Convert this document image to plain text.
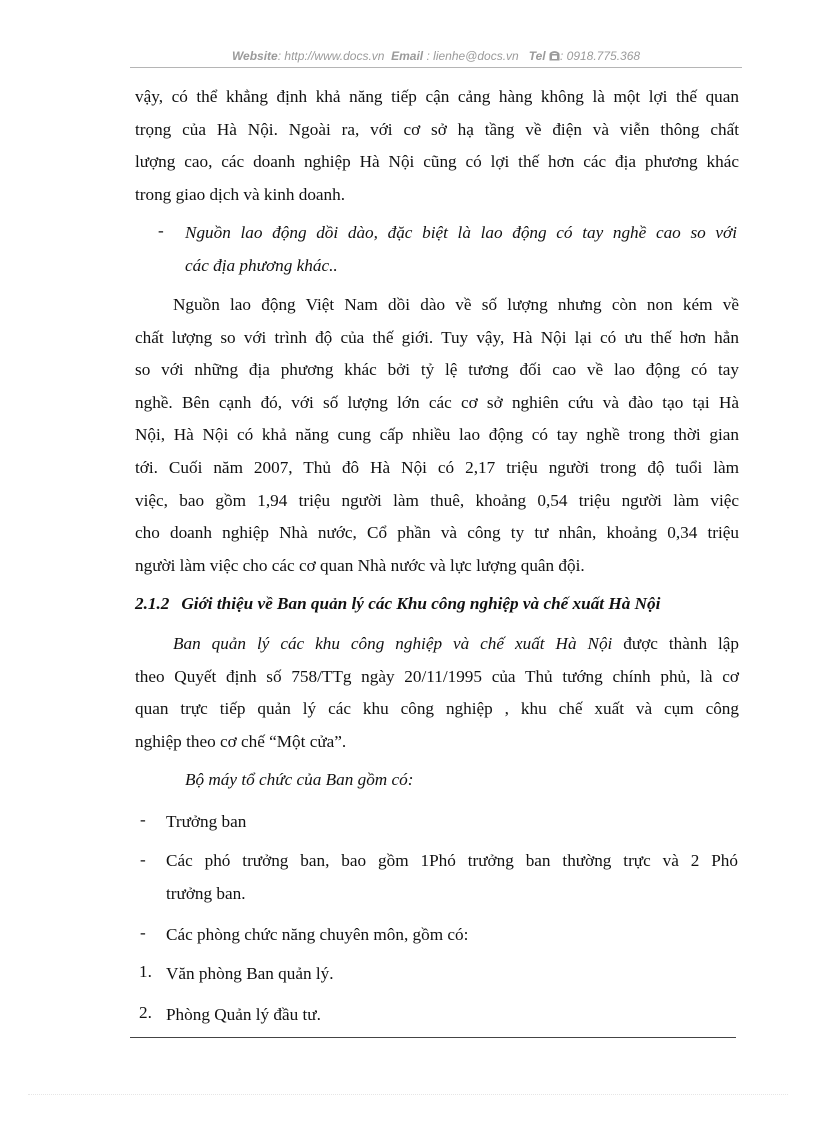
Website: http://www.docs.vn Email : lienhe@docs.vn Tel : 0918.775.368

vậy, có thể khẳng định khả năng tiếp cận cảng hàng không là một lợi thế quan

trọng của Hà Nội. Ngoài ra, với cơ sở hạ tầng về điện và viễn thông chất

lượng cao, các doanh nghiệp Hà Nội cũng có lợi thế hơn các địa phương khác

trong giao dịch và kinh doanh.

- Nguồn lao động dồi dào, đặc biệt là lao động có tay nghề cao so với

các địa phương khác..

Nguồn lao động Việt Nam dồi dào về số lượng nhưng còn non kém về

chất lượng so với trình độ của thế giới. Tuy vậy, Hà Nội lại có ưu thế hơn hẳn

so với những địa phương khác bởi tỷ lệ tương đối cao về lao động có tay

nghề. Bên cạnh đó, với số lượng lớn các cơ sở nghiên cứu và đào tạo tại Hà

Nội, Hà Nội có khả năng cung cấp nhiều lao động có tay nghề trong thời gian

tới. Cuối năm 2007, Thủ đô Hà Nội có 2,17 triệu người trong độ tuổi làm

việc, bao gồm 1,94 triệu người làm thuê, khoảng 0,54 triệu người làm việc

cho doanh nghiệp Nhà nước, Cổ phần và công ty tư nhân, khoảng 0,34 triệu

người làm việc cho các cơ quan Nhà nước và lực lượng quân đội.

2.1.2 Giới thiệu về Ban quản lý các Khu công nghiệp và chế xuất Hà Nội

Ban quản lý các khu công nghiệp và chế xuất Hà Nội được thành lập

theo Quyết định số 758/TTg ngày 20/11/1995 của Thủ tướng chính phủ, là cơ

quan trực tiếp quản lý các khu công nghiệp , khu chế xuất và cụm công

nghiệp theo cơ chế “Một cửa”.

Bộ máy tổ chức của Ban gồm có:
- Trưởng ban
- Các phó trưởng ban, bao gồm 1Phó trưởng ban thường trực và 2 Phó

trưởng ban.

- Các phòng chức năng chuyên môn, gồm có:
1. Văn phòng Ban quản lý.
2. Phòng Quản lý đầu tư.
